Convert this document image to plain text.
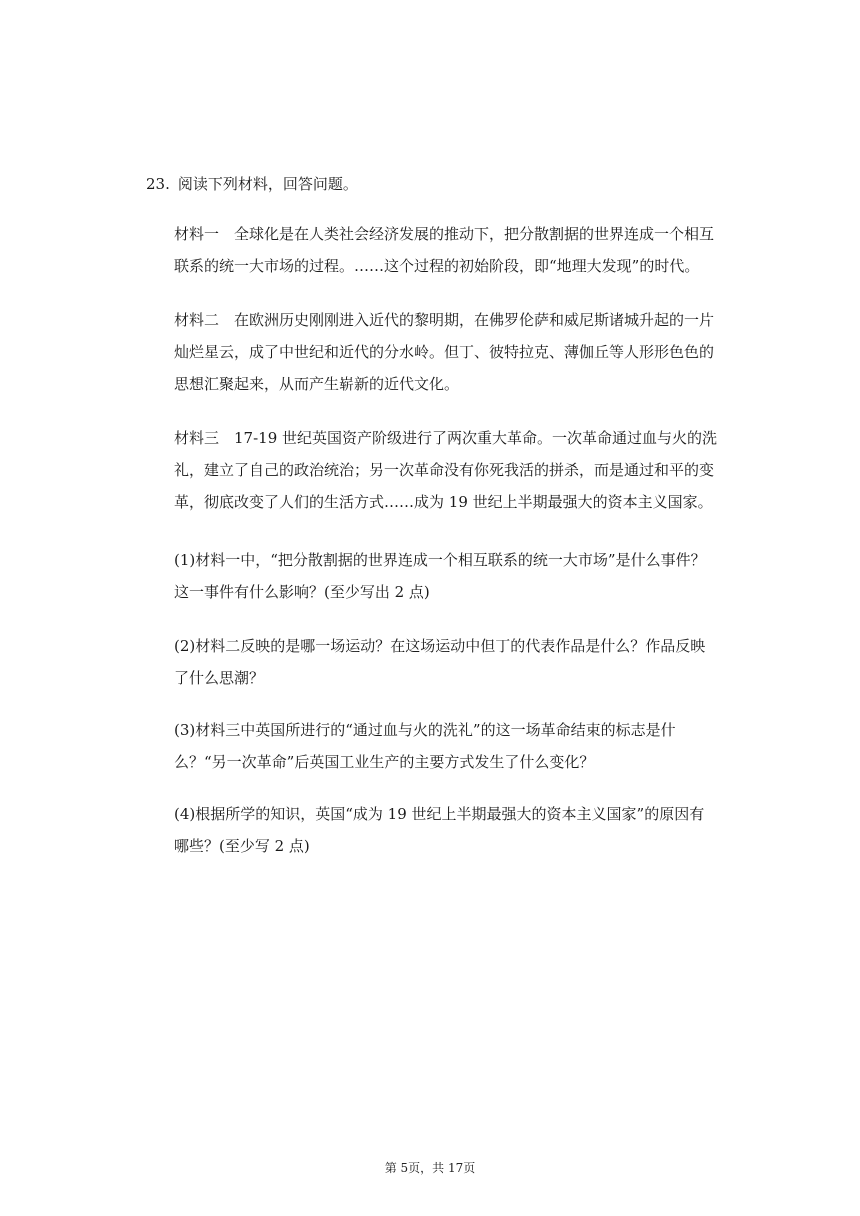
23. 阅读下列材料，回答问题。
材料一 全球化是在人类社会经济发展的推动下，把分散割据的世界连成一个相互
联系的统一大市场的过程。……这个过程的初始阶段，即“地理大发现”的时代。
材料二 在欧洲历史刚刚进入近代的黎明期，在佛罗伦萨和威尼斯诸城升起的一片
灿烂星云，成了中世纪和近代的分水岭。但丁、彼特拉克、薄伽丘等人形形色色的
思想汇聚起来，从而产生崭新的近代文化。
材料三 17-19 世纪英国资产阶级进行了两次重大革命。一次革命通过血与火的洗
礼，建立了自己的政治统治；另一次革命没有你死我活的拼杀，而是通过和平的变
革，彻底改变了人们的生活方式……成为 19 世纪上半期最强大的资本主义国家。
(1)材料一中，“把分散割据的世界连成一个相互联系的统一大市场”是什么事件？
这一事件有什么影响？(至少写出 2 点)
(2)材料二反映的是哪一场运动？在这场运动中但丁的代表作品是什么？作品反映
了什么思潮？
(3)材料三中英国所进行的“通过血与火的洗礼”的这一场革命结束的标志是什
么？“另一次革命”后英国工业生产的主要方式发生了什么变化？
(4)根据所学的知识，英国“成为 19 世纪上半期最强大的资本主义国家”的原因有
哪些？(至少写 2 点)
第 5页，共 17页
